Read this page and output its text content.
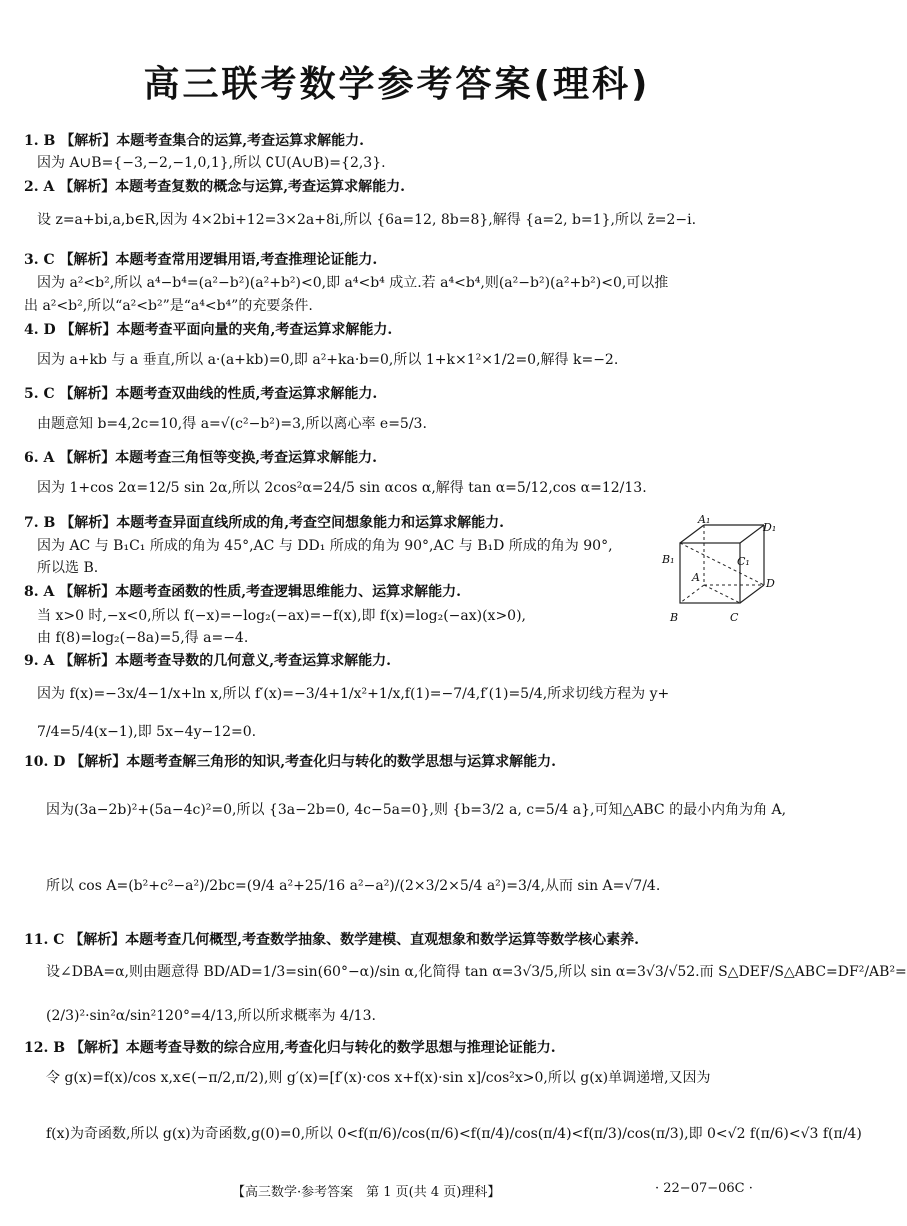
高三联考数学参考答案(理科)
1. B 【解析】本题考查集合的运算,考查运算求解能力.
因为 A∪B={−3,−2,−1,0,1},所以 ∁U(A∪B)={2,3}.
2. A 【解析】本题考查复数的概念与运算,考查运算求解能力.
设 z=a+bi,a,b∈R,因为 4×2bi+12=3×2a+8i,所以 {6a=12, 8b=8},解得 {a=2, b=1},所以 z̄=2−i.
3. C 【解析】本题考查常用逻辑用语,考查推理论证能力.
因为 a²<b²,所以 a⁴−b⁴=(a²−b²)(a²+b²)<0,即 a⁴<b⁴ 成立.若 a⁴<b⁴,则(a²−b²)(a²+b²)<0,可以推
出 a²<b²,所以“a²<b²”是“a⁴<b⁴”的充要条件.
4. D 【解析】本题考查平面向量的夹角,考查运算求解能力.
因为 a+kb 与 a 垂直,所以 a·(a+kb)=0,即 a²+ka·b=0,所以 1+k×1²×1/2=0,解得 k=−2.
5. C 【解析】本题考查双曲线的性质,考查运算求解能力.
由题意知 b=4,2c=10,得 a=√(c²−b²)=3,所以离心率 e=5/3.
6. A 【解析】本题考查三角恒等变换,考查运算求解能力.
因为 1+cos 2α=12/5 sin 2α,所以 2cos²α=24/5 sin αcos α,解得 tan α=5/12,cos α=12/13.
7. B 【解析】本题考查异面直线所成的角,考查空间想象能力和运算求解能力.
因为 AC 与 B₁C₁ 所成的角为 45°,AC 与 DD₁ 所成的角为 90°,AC 与 B₁D 所成的角为 90°,
所以选 B.
8. A 【解析】本题考查函数的性质,考查逻辑思维能力、运算求解能力.
当 x>0 时,−x<0,所以 f(−x)=−log₂(−ax)=−f(x),即 f(x)=log₂(−ax)(x>0),
由 f(8)=log₂(−8a)=5,得 a=−4.
9. A 【解析】本题考查导数的几何意义,考查运算求解能力.
因为 f(x)=−3x/4−1/x+ln x,所以 f′(x)=−3/4+1/x²+1/x,f(1)=−7/4,f′(1)=5/4,所求切线方程为 y+
7/4=5/4(x−1),即 5x−4y−12=0.
10. D 【解析】本题考查解三角形的知识,考查化归与转化的数学思想与运算求解能力.
因为(3a−2b)²+(5a−4c)²=0,所以 {3a−2b=0, 4c−5a=0},则 {b=3/2 a, c=5/4 a},可知△ABC 的最小内角为角 A,
所以 cos A=(b²+c²−a²)/2bc=(9/4 a²+25/16 a²−a²)/(2×3/2×5/4 a²)=3/4,从而 sin A=√7/4.
11. C 【解析】本题考查几何概型,考查数学抽象、数学建模、直观想象和数学运算等数学核心素养.
设∠DBA=α,则由题意得 BD/AD=1/3=sin(60°−α)/sin α,化简得 tan α=3√3/5,所以 sin α=3√3/√52.而 S△DEF/S△ABC=DF²/AB²=
(2/3)²·sin²α/sin²120°=4/13,所以所求概率为 4/13.
12. B 【解析】本题考查导数的综合应用,考查化归与转化的数学思想与推理论证能力.
令 g(x)=f(x)/cos x,x∈(−π/2,π/2),则 g′(x)=[f′(x)·cos x+f(x)·sin x]/cos²x>0,所以 g(x)单调递增,又因为
f(x)为奇函数,所以 g(x)为奇函数,g(0)=0,所以 0<f(π/6)/cos(π/6)<f(π/4)/cos(π/4)<f(π/3)/cos(π/3),即 0<√2 f(π/6)<√3 f(π/4)
A₁
D₁
B₁	C₁
A	D
B	C
【高三数学·参考答案　第 1 页(共 4 页)理科】	· 22−07−06C ·
